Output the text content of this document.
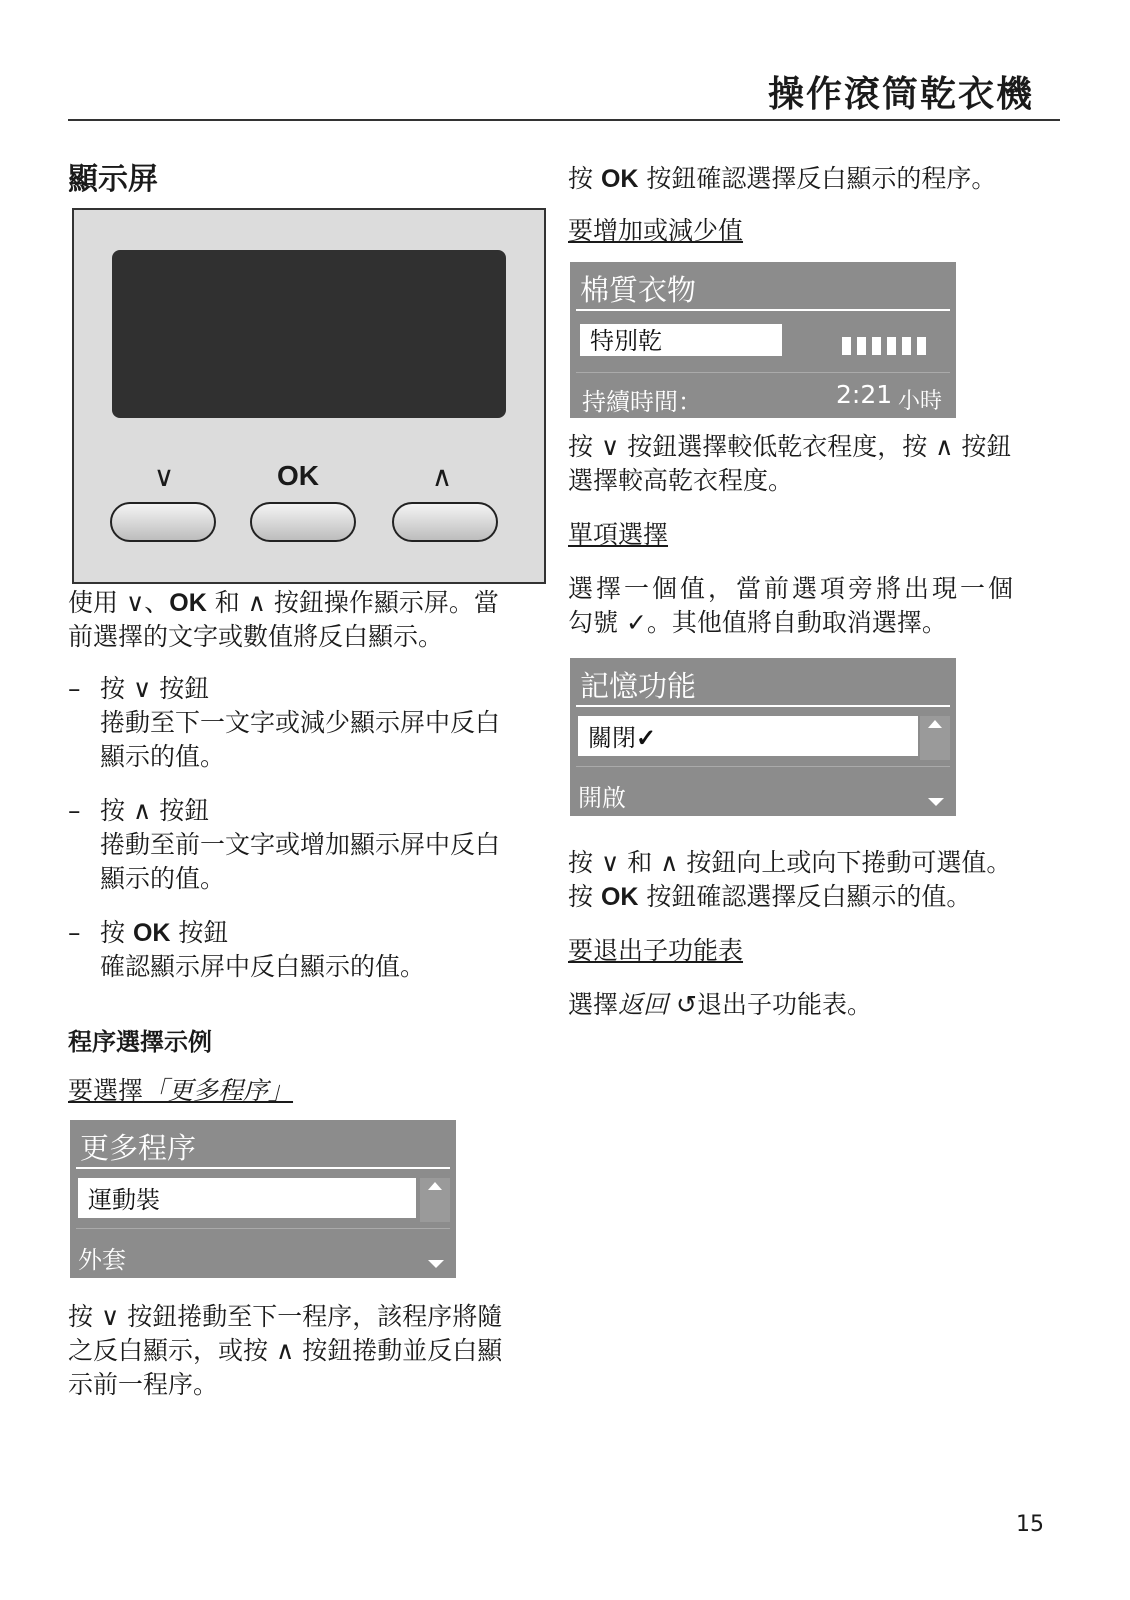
操作滾筒乾衣機
顯示屏
∨	OK	∧
使用 ∨、OK 和 ∧ 按鈕操作顯示屏。當
前選擇的文字或數值將反白顯示。
– 按 ∨ 按鈕
捲動至下一文字或減少顯示屏中反白
顯示的值。
– 按 ∧ 按鈕
捲動至前一文字或增加顯示屏中反白
顯示的值。
– 按 OK 按鈕
確認顯示屏中反白顯示的值。
程序選擇示例
要選擇「更多程序」
更多程序
運動裝
外套
按 ∨ 按鈕捲動至下一程序，該程序將隨
之反白顯示，或按 ∧ 按鈕捲動並反白顯
示前一程序。
按 OK 按鈕確認選擇反白顯示的程序。
要增加或減少值
棉質衣物
特別乾
持續時間：	2:21 小時
按 ∨ 按鈕選擇較低乾衣程度，按 ∧ 按鈕
選擇較高乾衣程度。
單項選擇
選擇一個值，當前選項旁將出現一個
勾號 ✓。其他值將自動取消選擇。
記憶功能
關閉✓
開啟
按 ∨ 和 ∧ 按鈕向上或向下捲動可選值。
按 OK 按鈕確認選擇反白顯示的值。
要退出子功能表
選擇返回 ↺退出子功能表。
15
